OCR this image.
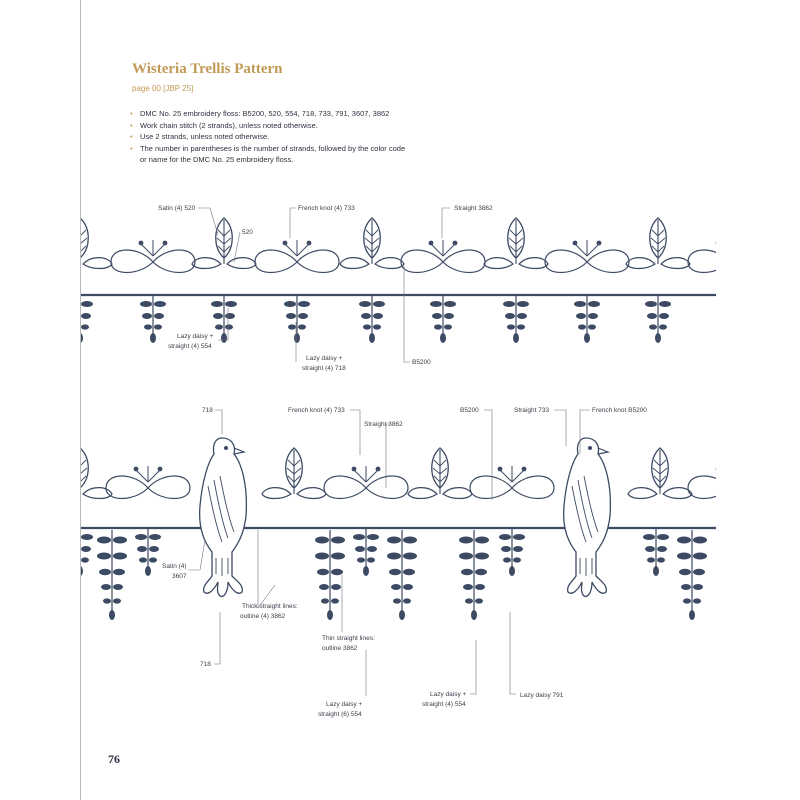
Wisteria Trellis Pattern
page 00 [JBP 25]
• DMC No. 25 embroidery floss: B5200, 520, 554, 718, 733, 791, 3607, 3862
• Work chain stitch (2 strands), unless noted otherwise.
• Use 2 strands, unless noted otherwise.
• The number in parentheses is the number of strands, followed by the color code or name for the DMC No. 25 embroidery floss.
76
Satin (4) 520
520
French knot (4) 733	Straight 3862
Lazy daisy +
straight (4) 554
Lazy daisy +
straight (4) 718
B5200
718	French knot (4) 733
Straight 3862
B5200	Straight 733	French knot B5200
Satin (4)
3607
Thick straight lines:
outline (4) 3862
Thin straight lines:
outline 3862
718
Lazy daisy +
straight (6) 554
Lazy daisy +
straight (4) 554
Lazy daisy 791
